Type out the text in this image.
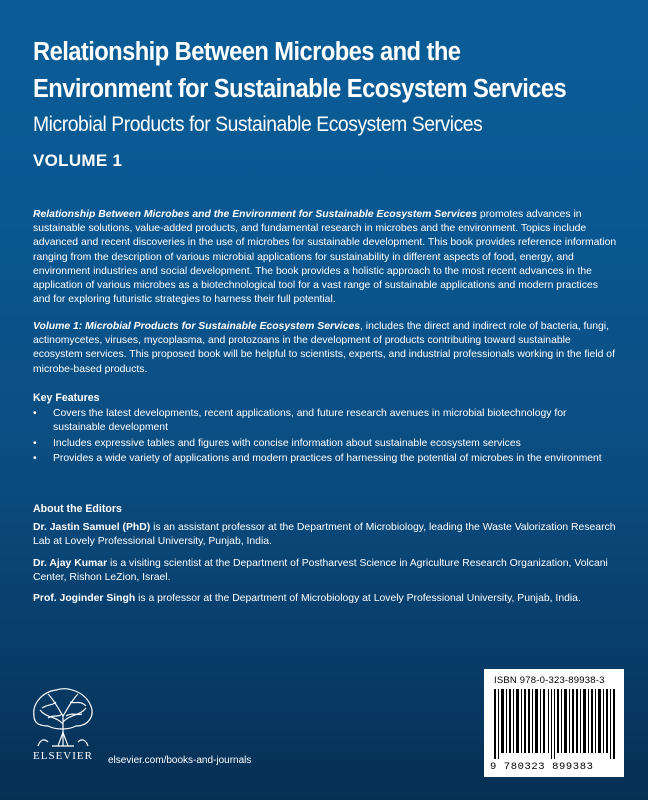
Relationship Between Microbes and the Environment for Sustainable Ecosystem Services
Microbial Products for Sustainable Ecosystem Services
VOLUME 1

Relationship Between Microbes and the Environment for Sustainable Ecosystem Services promotes advances in sustainable solutions, value-added products, and fundamental research in microbes and the environment. Topics include advanced and recent discoveries in the use of microbes for sustainable development. This book provides reference information ranging from the description of various microbial applications for sustainability in different aspects of food, energy, and environment industries and social development. The book provides a holistic approach to the most recent advances in the application of various microbes as a biotechnological tool for a vast range of sustainable applications and modern practices and for exploring futuristic strategies to harness their full potential.

Volume 1: Microbial Products for Sustainable Ecosystem Services, includes the direct and indirect role of bacteria, fungi, actinomycetes, viruses, mycoplasma, and protozoans in the development of products contributing toward sustainable ecosystem services. This proposed book will be helpful to scientists, experts, and industrial professionals working in the field of microbe-based products.

Key Features
• Covers the latest developments, recent applications, and future research avenues in microbial biotechnology for sustainable development
• Includes expressive tables and figures with concise information about sustainable ecosystem services
• Provides a wide variety of applications and modern practices of harnessing the potential of microbes in the environment
About the Editors

Dr. Jastin Samuel (PhD) is an assistant professor at the Department of Microbiology, leading the Waste Valorization Research Lab at Lovely Professional University, Punjab, India.

Dr. Ajay Kumar is a visiting scientist at the Department of Postharvest Science in Agriculture Research Organization, Volcani Center, Rishon LeZion, Israel.

Prof. Joginder Singh is a professor at the Department of Microbiology at Lovely Professional University, Punjab, India.

ELSEVIER	elsevier.com/books-and-journals
ISBN 978-0-323-89938-3
9 780323 899383
